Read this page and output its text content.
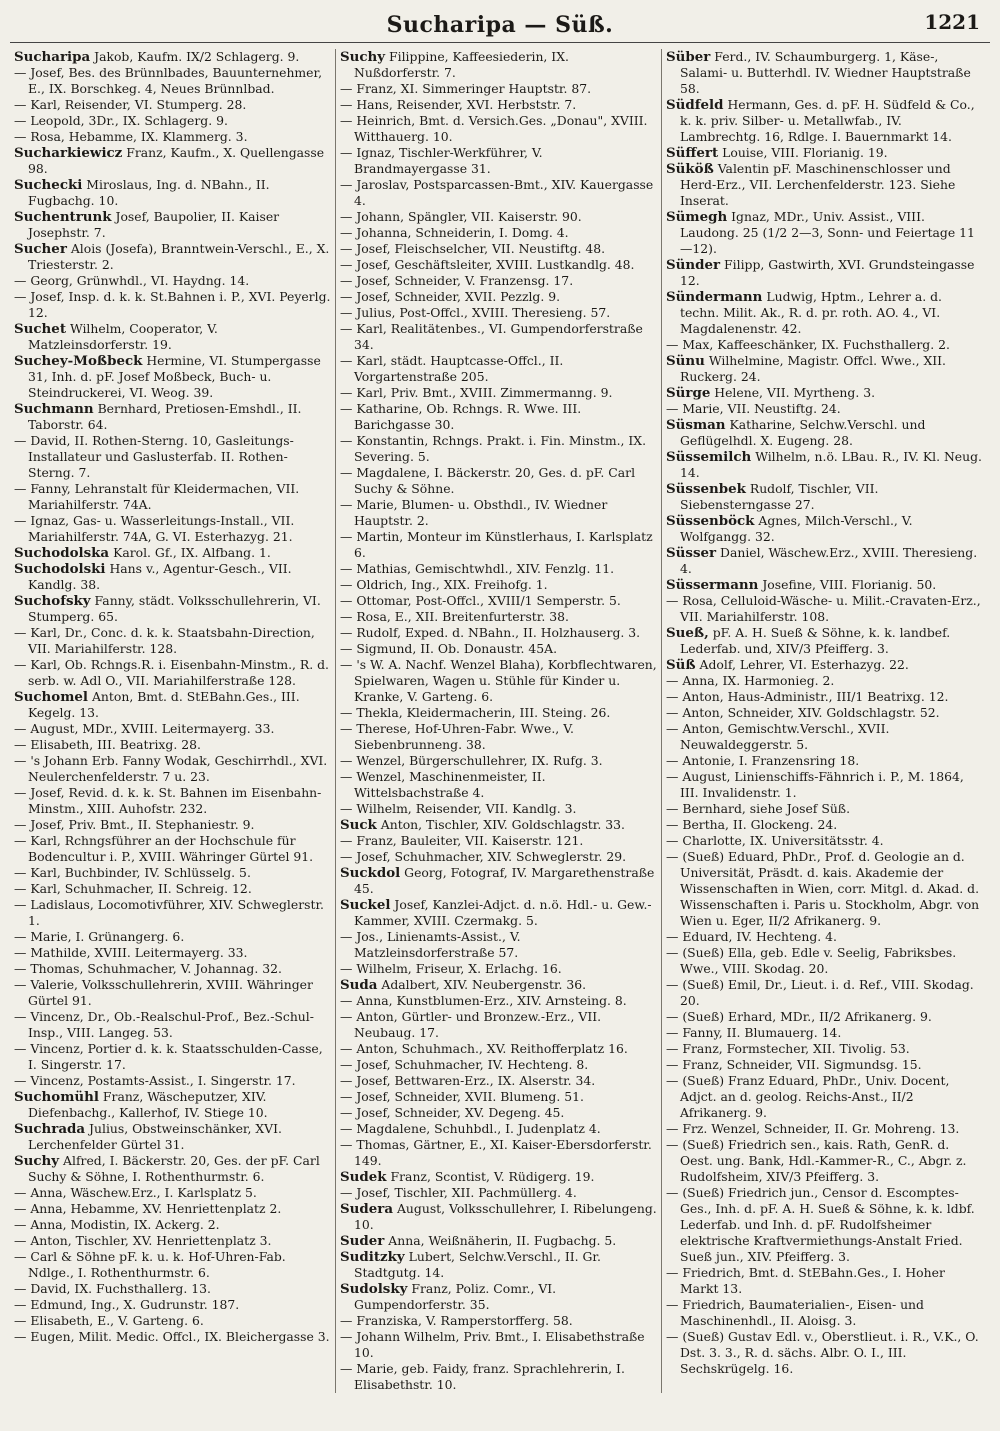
Sucharipa — Süß.	1221

Sucharipa Jakob, Kaufm. IX/2 Schlagerg. 9.

— Josef, Bes. des Brünnlbades, Bauunternehmer, E., IX. Borschkeg. 4, Neues Brünnlbad.

— Karl, Reisender, VI. Stumperg. 28.

— Leopold, 3Dr., IX. Schlagerg. 9.

— Rosa, Hebamme, IX. Klammerg. 3.

Sucharkiewicz Franz, Kaufm., X. Quellengasse 98.

Suchecki Miroslaus, Ing. d. NBahn., II. Fugbachg. 10.

Suchentrunk Josef, Baupolier, II. Kaiser Josephstr. 7.

Sucher Alois (Josefa), Branntwein-Verschl., E., X. Triesterstr. 2.

— Georg, Grünwhdl., VI. Haydng. 14.

— Josef, Insp. d. k. k. St.Bahnen i. P., XVI. Peyerlg. 12.

Suchet Wilhelm, Cooperator, V. Matzleinsdorferstr. 19.

Suchey-Moßbeck Hermine, VI. Stumpergasse 31, Inh. d. pF. Josef Moßbeck, Buch- u. Steindruckerei, VI. Weog. 39.

Suchmann Bernhard, Pretiosen-Emshdl., II. Taborstr. 64.

— David, II. Rothen-Sterng. 10, Gasleitungs-Installateur und Gaslusterfab. II. Rothen-Sterng. 7.

— Fanny, Lehranstalt für Kleidermachen, VII. Mariahilferstr. 74A.

— Ignaz, Gas- u. Wasserleitungs-Install., VII. Mariahilferstr. 74A, G. VI. Esterhazyg. 21.

Suchodolska Karol. Gf., IX. Alfbang. 1.

Suchodolski Hans v., Agentur-Gesch., VII. Kandlg. 38.

Suchofsky Fanny, städt. Volksschullehrerin, VI. Stumperg. 65.

— Karl, Dr., Conc. d. k. k. Staatsbahn-Direction, VII. Mariahilferstr. 128.

— Karl, Ob. Rchngs.R. i. Eisenbahn-Minstm., R. d. serb. w. Adl O., VII. Mariahilferstraße 128.

Suchomel Anton, Bmt. d. StEBahn.Ges., III. Kegelg. 13.

— August, MDr., XVIII. Leitermayerg. 33.

— Elisabeth, III. Beatrixg. 28.

— 's Johann Erb. Fanny Wodak, Geschirrhdl., XVI. Neulerchenfelderstr. 7 u. 23.

— Josef, Revid. d. k. k. St. Bahnen im Eisenbahn-Minstm., XIII. Auhofstr. 232.

— Josef, Priv. Bmt., II. Stephaniestr. 9.

— Karl, Rchngsführer an der Hochschule für Bodencultur i. P., XVIII. Währinger Gürtel 91.

— Karl, Buchbinder, IV. Schlüsselg. 5.

— Karl, Schuhmacher, II. Schreig. 12.

— Ladislaus, Locomotivführer, XIV. Schweglerstr. 1.

— Marie, I. Grünangerg. 6.

— Mathilde, XVIII. Leitermayerg. 33.

— Thomas, Schuhmacher, V. Johannag. 32.

— Valerie, Volksschullehrerin, XVIII. Währinger Gürtel 91.

— Vincenz, Dr., Ob.-Realschul-Prof., Bez.-Schul-Insp., VIII. Langeg. 53.

— Vincenz, Portier d. k. k. Staatsschulden-Casse, I. Singerstr. 17.

— Vincenz, Postamts-Assist., I. Singerstr. 17.

Suchomühl Franz, Wäscheputzer, XIV. Diefenbachg., Kallerhof, IV. Stiege 10.

Suchrada Julius, Obstweinschänker, XVI. Lerchenfelder Gürtel 31.

Suchy Alfred, I. Bäckerstr. 20, Ges. der pF. Carl Suchy & Söhne, I. Rothenthurmstr. 6.

— Anna, Wäschew.Erz., I. Karlsplatz 5.

— Anna, Hebamme, XV. Henriettenplatz 2.

— Anna, Modistin, IX. Ackerg. 2.

— Anton, Tischler, XV. Henriettenplatz 3.

— Carl & Söhne pF. k. u. k. Hof-Uhren-Fab. Ndlge., I. Rothenthurmstr. 6.

— David, IX. Fuchsthallerg. 13.

— Edmund, Ing., X. Gudrunstr. 187.

— Elisabeth, E., V. Garteng. 6.

— Eugen, Milit. Medic. Offcl., IX. Bleichergasse 3.

Suchy Filippine, Kaffeesiederin, IX. Nußdorferstr. 7.

— Franz, XI. Simmeringer Hauptstr. 87.

— Hans, Reisender, XVI. Herbststr. 7.

— Heinrich, Bmt. d. Versich.Ges. „Donau", XVIII. Witthauerg. 10.

— Ignaz, Tischler-Werkführer, V. Brandmayergasse 31.

— Jaroslav, Postsparcassen-Bmt., XIV. Kauergasse 4.

— Johann, Spängler, VII. Kaiserstr. 90.

— Johanna, Schneiderin, I. Domg. 4.

— Josef, Fleischselcher, VII. Neustiftg. 48.

— Josef, Geschäftsleiter, XVIII. Lustkandlg. 48.

— Josef, Schneider, V. Franzensg. 17.

— Josef, Schneider, XVII. Pezzlg. 9.

— Julius, Post-Offcl., XVIII. Theresieng. 57.

— Karl, Realitätenbes., VI. Gumpendorferstraße 34.

— Karl, städt. Hauptcasse-Offcl., II. Vorgartenstraße 205.

— Karl, Priv. Bmt., XVIII. Zimmermanng. 9.

— Katharine, Ob. Rchngs. R. Wwe. III. Barichgasse 30.

— Konstantin, Rchngs. Prakt. i. Fin. Minstm., IX. Severing. 5.

— Magdalene, I. Bäckerstr. 20, Ges. d. pF. Carl Suchy & Söhne.

— Marie, Blumen- u. Obsthdl., IV. Wiedner Hauptstr. 2.

— Martin, Monteur im Künstlerhaus, I. Karlsplatz 6.

— Mathias, Gemischtwhdl., XIV. Fenzlg. 11.

— Oldrich, Ing., XIX. Freihofg. 1.

— Ottomar, Post-Offcl., XVIII/1 Semperstr. 5.

— Rosa, E., XII. Breitenfurterstr. 38.

— Rudolf, Exped. d. NBahn., II. Holzhauserg. 3.

— Sigmund, II. Ob. Donaustr. 45A.

— 's W. A. Nachf. Wenzel Blaha), Korbflechtwaren, Spielwaren, Wagen u. Stühle für Kinder u. Kranke, V. Garteng. 6.

— Thekla, Kleidermacherin, III. Steing. 26.

— Therese, Hof-Uhren-Fabr. Wwe., V. Siebenbrunneng. 38.

— Wenzel, Bürgerschullehrer, IX. Rufg. 3.

— Wenzel, Maschinenmeister, II. Wittelsbachstraße 4.

— Wilhelm, Reisender, VII. Kandlg. 3.

Suck Anton, Tischler, XIV. Goldschlagstr. 33.

— Franz, Bauleiter, VII. Kaiserstr. 121.

— Josef, Schuhmacher, XIV. Schweglerstr. 29.

Suckdol Georg, Fotograf, IV. Margarethenstraße 45.

Suckel Josef, Kanzlei-Adjct. d. n.ö. Hdl.- u. Gew.-Kammer, XVIII. Czermakg. 5.

— Jos., Linienamts-Assist., V. Matzleinsdorferstraße 57.

— Wilhelm, Friseur, X. Erlachg. 16.

Suda Adalbert, XIV. Neubergenstr. 36.

— Anna, Kunstblumen-Erz., XIV. Arnsteing. 8.

— Anton, Gürtler- und Bronzew.-Erz., VII. Neubaug. 17.

— Anton, Schuhmach., XV. Reithofferplatz 16.

— Josef, Schuhmacher, IV. Hechteng. 8.

— Josef, Bettwaren-Erz., IX. Alserstr. 34.

— Josef, Schneider, XVII. Blumeng. 51.

— Josef, Schneider, XV. Degeng. 45.

— Magdalene, Schuhbdl., I. Judenplatz 4.

— Thomas, Gärtner, E., XI. Kaiser-Ebersdorferstr. 149.

Sudek Franz, Scontist, V. Rüdigerg. 19.

— Josef, Tischler, XII. Pachmüllerg. 4.

Sudera August, Volksschullehrer, I. Ribelungeng. 10.

Suder Anna, Weißnäherin, II. Fugbachg. 5.

Suditzky Lubert, Selchw.Verschl., II. Gr. Stadtgutg. 14.

Sudolsky Franz, Poliz. Comr., VI. Gumpendorferstr. 35.

— Franziska, V. Ramperstorfferg. 58.

— Johann Wilhelm, Priv. Bmt., I. Elisabethstraße 10.

— Marie, geb. Faidy, franz. Sprachlehrerin, I. Elisabethstr. 10.

Süber Ferd., IV. Schaumburgerg. 1, Käse-, Salami- u. Butterhdl. IV. Wiedner Hauptstraße 58.

Südfeld Hermann, Ges. d. pF. H. Südfeld & Co., k. k. priv. Silber- u. Metallwfab., IV. Lambrechtg. 16, Rdlge. I. Bauernmarkt 14.

Süffert Louise, VIII. Florianig. 19.

Süköß Valentin pF. Maschinenschlosser und Herd-Erz., VII. Lerchenfelderstr. 123. Siehe Inserat.

Sümegh Ignaz, MDr., Univ. Assist., VIII. Laudong. 25 (1/2 2—3, Sonn- und Feiertage 11—12).

Sünder Filipp, Gastwirth, XVI. Grundsteingasse 12.

Sündermann Ludwig, Hptm., Lehrer a. d. techn. Milit. Ak., R. d. pr. roth. AO. 4., VI. Magdalenenstr. 42.

— Max, Kaffeeschänker, IX. Fuchsthallerg. 2.

Sünu Wilhelmine, Magistr. Offcl. Wwe., XII. Ruckerg. 24.

Sürge Helene, VII. Myrtheng. 3.

— Marie, VII. Neustiftg. 24.

Süsman Katharine, Selchw.Verschl. und Geflügelhdl. X. Eugeng. 28.

Süssemilch Wilhelm, n.ö. LBau. R., IV. Kl. Neug. 14.

Süssenbek Rudolf, Tischler, VII. Siebensterngasse 27.

Süssenböck Agnes, Milch-Verschl., V. Wolfgangg. 32.

Süsser Daniel, Wäschew.Erz., XVIII. Theresieng. 4.

Süssermann Josefine, VIII. Florianig. 50.

— Rosa, Celluloid-Wäsche- u. Milit.-Cravaten-Erz., VII. Mariahilferstr. 108.

Sueß, pF. A. H. Sueß & Söhne, k. k. landbef. Lederfab. und, XIV/3 Pfeifferg. 3.

Süß Adolf, Lehrer, VI. Esterhazyg. 22.

— Anna, IX. Harmonieg. 2.

— Anton, Haus-Administr., III/1 Beatrixg. 12.

— Anton, Schneider, XIV. Goldschlagstr. 52.

— Anton, Gemischtw.Verschl., XVII. Neuwaldeggerstr. 5.

— Antonie, I. Franzensring 18.

— August, Linienschiffs-Fähnrich i. P., M. 1864, III. Invalidenstr. 1.

— Bernhard, siehe Josef Süß.

— Bertha, II. Glockeng. 24.

— Charlotte, IX. Universitätsstr. 4.

— (Sueß) Eduard, PhDr., Prof. d. Geologie an d. Universität, Präsdt. d. kais. Akademie der Wissenschaften in Wien, corr. Mitgl. d. Akad. d. Wissenschaften i. Paris u. Stockholm, Abgr. von Wien u. Eger, II/2 Afrikanerg. 9.

— Eduard, IV. Hechteng. 4.

— (Sueß) Ella, geb. Edle v. Seelig, Fabriksbes. Wwe., VIII. Skodag. 20.

— (Sueß) Emil, Dr., Lieut. i. d. Ref., VIII. Skodag. 20.

— (Sueß) Erhard, MDr., II/2 Afrikanerg. 9.

— Fanny, II. Blumauerg. 14.

— Franz, Formstecher, XII. Tivolig. 53.

— Franz, Schneider, VII. Sigmundsg. 15.

— (Sueß) Franz Eduard, PhDr., Univ. Docent, Adjct. an d. geolog. Reichs-Anst., II/2 Afrikanerg. 9.

— Frz. Wenzel, Schneider, II. Gr. Mohreng. 13.

— (Sueß) Friedrich sen., kais. Rath, GenR. d. Oest. ung. Bank, Hdl.-Kammer-R., C., Abgr. z. Rudolfsheim, XIV/3 Pfeifferg. 3.

— (Sueß) Friedrich jun., Censor d. Escomptes-Ges., Inh. d. pF. A. H. Sueß & Söhne, k. k. ldbf. Lederfab. und Inh. d. pF. Rudolfsheimer elektrische Kraftvermiethungs-Anstalt Fried. Sueß jun., XIV. Pfeifferg. 3.

— Friedrich, Bmt. d. StEBahn.Ges., I. Hoher Markt 13.

— Friedrich, Baumaterialien-, Eisen- und Maschinenhdl., II. Aloisg. 3.

— (Sueß) Gustav Edl. v., Oberstlieut. i. R., V.K., O. Dst. 3. 3., R. d. sächs. Albr. O. I., III. Sechskrügelg. 16.
